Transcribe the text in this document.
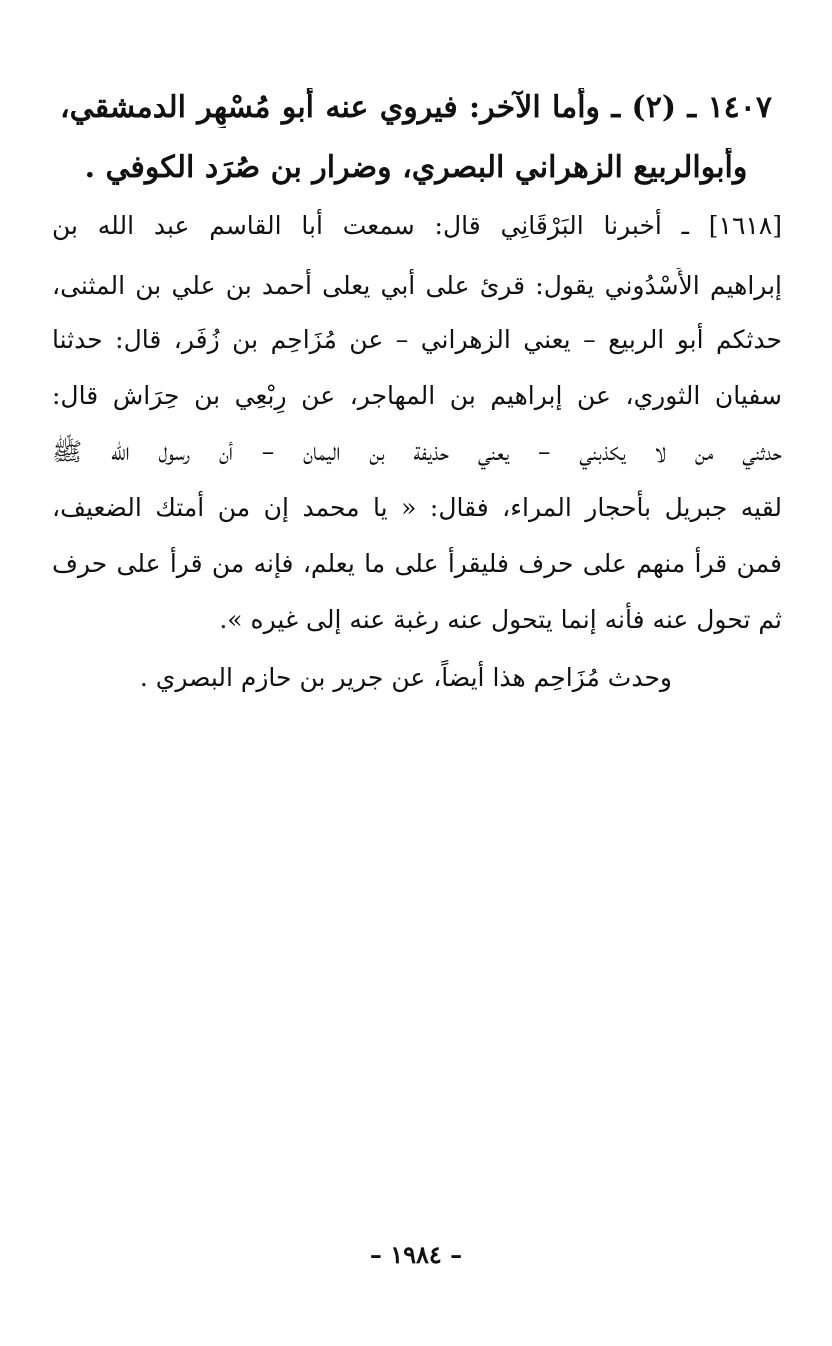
١٤٠٧ ـ (٢) ـ وأما الآخر: فيروي عنه أبو مُسْهِر الدمشقي،
وأبوالربيع الزهراني البصري، وضرار بن صُرَد الكوفي .
[١٦١٨] ـ أخبرنا البَرْقَانِي قال: سمعت أبا القاسم عبد الله بن
إبراهيم الأَسْدُوني يقول: قرئ على أبي يعلى أحمد بن علي بن المثنى،
حدثكم أبو الربيع – يعني الزهراني – عن مُزَاحِم بن زُفَر، قال: حدثنا
سفيان الثوري، عن إبراهيم بن المهاجر، عن رِبْعِي بن حِرَاش قال:
حدثني من لا يكذبني – يعني حذيفة بن اليمان – أن رسول الله ﷺ
لقيه جبريل بأحجار المراء، فقال: « يا محمد إن من أمتك الضعيف،
فمن قرأ منهم على حرف فليقرأ على ما يعلم، فإنه من قرأ على حرف
ثم تحول عنه فأنه إنما يتحول عنه رغبة عنه إلى غيره ».
وحدث مُزَاحِم هذا أيضاً، عن جرير بن حازم البصري .
– ١٩٨٤ –
